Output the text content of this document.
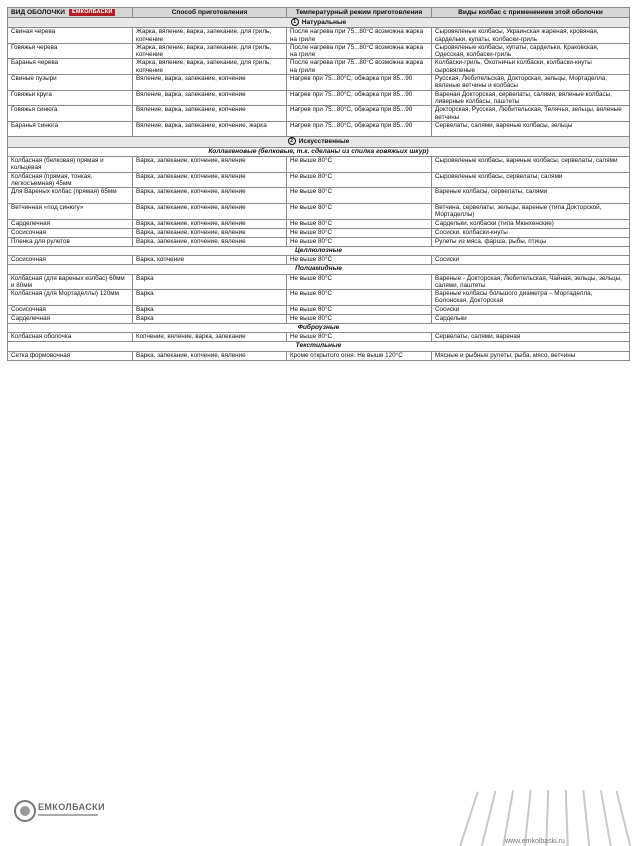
ВИД ОБОЛОЧКИ ЕМКОЛБАСКИ	Способ приготовления	Температурный режим приготовления	Виды колбас с применением этой оболочки
1 Натуральные			
Свиная черева	Жарка, вяление, варка, запекание, для гриль, копчение	После нагрева при 75...80°С возможна жарка на гриле	Сыровяленые колбасы, Украинская жареная, кровяная, сардельки, купаты, колбаски-гриль
Говяжья черева	Жарка, вяление, варка, запекание, для гриль, копчение	После нагрева при 75...80°С возможна жарка на гриле	Сыровяленые колбасы, купаты, сардельки, Краковская, Одесская, колбаски-гриль
Баранья черева	Жарка, вяление, варка, запекание, для гриль, копчение	После нагрева при 75...80°С возможна жарка на гриле	Колбаски-гриль, Охотничьи колбаски, колбаски-кнуты сыровяленые
Свиные пузыри	Вяление, варка, запекание, копчение	Нагрев при 75...80°С, обжарка при 85...90	Русская, Любительская, Докторская, зельцы, Мортаделла, вяленые ветчины и колбасы
Говяжьи круга	Вяление, варка, запекание, копчение	Нагрев при 75...80°С, обжарка при 85...90	Вареная Докторская, сервелаты, салями, вяленые колбасы, ливерные колбасы, паштеты
Говяжья синюга	Вяление, варка, запекание, копчение	Нагрев при 75...80°С, обжарка при 85...90	Докторская, Русская, Любительская, Телячья, зельцы, вяленые ветчины
Баранья синюга	Вяление, варка, запекание, копчение, жарка	Нагрев при 75...80°С, обжарка при 85...90	Сервелаты, салями, вареные колбасы, зельцы
2 Искусственные			
Коллагеновые (белковые, т.к. сделаны из спилка говяжьих шкур)			
Колбасная (белковая) прямая и кольцевая	Варка, запекание, копчение, вяление	Не выше 80°С	Сыровяленые колбасы, вареные колбасы, сервелаты, салями
Колбасная (прямая, тонкая, легкосъемная) 45мм	Варка, запекание, копчение, вяление	Не выше 80°С	Сыровяленые колбасы, сервелаты, салями
Для Вареных колбас (прямая) 65мм	Варка, запекание, копчение, вяление	Не выше 80°С	Вареные колбасы, сервелаты, салями
Ветчинная «под синюгу»	Варка, запекание, копчение, вяление	Не выше 80°С	Ветчина, сервелаты, зельцы, вареные (типа Докторской, Мортаделлы)
Сарделечная	Варка, запекание, копчение, вяление	Не выше 80°С	Сардельки, колбаски (типа Мюнхенские)
Сосисочная	Варка, запекание, копчение, вяление	Не выше 80°С	Сосиски, колбаски-кнуты
Пленка для рулетов	Варка, запекание, копчение, вяление	Не выше 80°С	Рулеты из мяса, фарша, рыбы, птицы
Целлюлозные			
Сосисочная	Варка, копчение	Не выше 80°С	Сосиски
Полиамидные			
Колбасная (для вареных колбас) 60мм и 80мм	Варка	Не выше 80°С	Вареные - Докторская, Любительская, Чайная, зельцы, зельцы, салями, паштеты
Колбасная (для Мортаделлы) 120мм	Варка	Не выше 80°С	Вареные колбасы большого диаметра – Мортаделла, Болонская, Докторская
Сосисочная	Варка	Не выше 80°С	Сосиски
Сарделечная	Варка	Не выше 80°С	Сардельки
Фиброузные			
Колбасная оболочка	Копчение, вяление, варка, запекание	Не выше 80°С	Сервелаты, салями, вареная
Текстильные			
Сетка формовочная	Варка, запекание, копчение, вяление	Кроме открытого огня. Не выше 120°С	Мясные и рыбные рулеты, рыба, мясо, ветчины
ЕМКОЛБАСКИ
www.emkolbaski.ru
